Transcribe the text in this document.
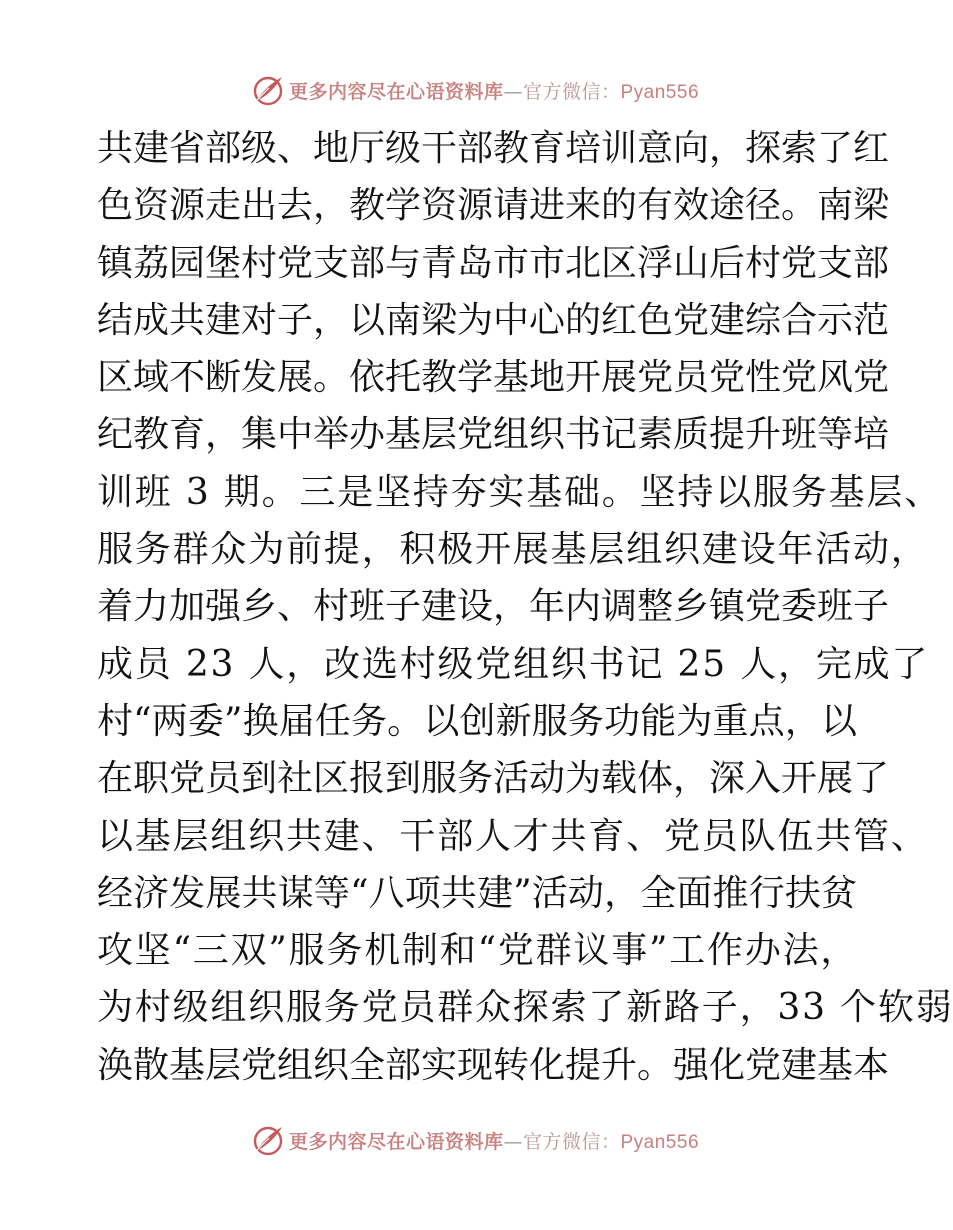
更多内容尽在心语资料库—官方微信：Pyan556
共建省部级、地厅级干部教育培训意向，探索了红
色资源走出去，教学资源请进来的有效途径。南梁
镇荔园堡村党支部与青岛市市北区浮山后村党支部
结成共建对子，以南梁为中心的红色党建综合示范
区域不断发展。依托教学基地开展党员党性党风党
纪教育，集中举办基层党组织书记素质提升班等培
训班 3 期。三是坚持夯实基础。坚持以服务基层、
服务群众为前提，积极开展基层组织建设年活动，
着力加强乡、村班子建设，年内调整乡镇党委班子
成员 23 人，改选村级党组织书记 25 人，完成了
村“两委”换届任务。以创新服务功能为重点，以
在职党员到社区报到服务活动为载体，深入开展了
以基层组织共建、干部人才共育、党员队伍共管、
经济发展共谋等“八项共建”活动，全面推行扶贫
攻坚“三双”服务机制和“党群议事”工作办法，
为村级组织服务党员群众探索了新路子，33 个软弱
涣散基层党组织全部实现转化提升。强化党建基本
更多内容尽在心语资料库—官方微信：Pyan556
